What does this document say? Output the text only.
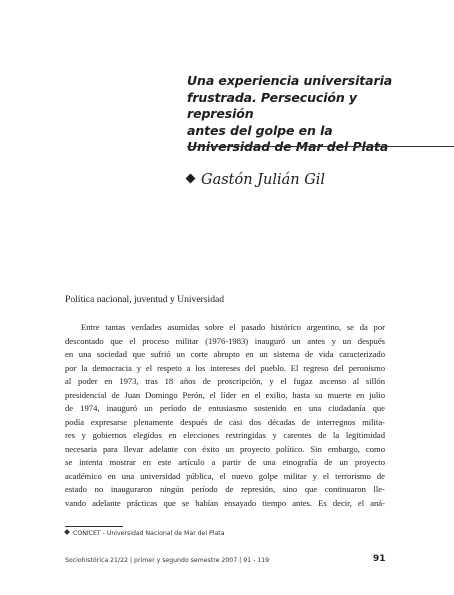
Una experiencia universitaria

frustrada. Persecución y represión

antes del golpe en la

Universidad de Mar del Plata

Gastón Julián Gil
Política nacional, juventud y Universidad
Entre tantas verdades asumidas sobre el pasado histórico argentino, se da por
descontado que el proceso militar (1976-1983) inauguró un antes y un después
en una sociedad que sufrió un corte abrupto en un sistema de vida caracterizado
por la democracia y el respeto a los intereses del pueblo. El regreso del peronismo
al poder en 1973, tras 18 años de proscripción, y el fugaz ascenso al sillón
presidencial de Juan Domingo Perón, el líder en el exilio, hasta su muerte en julio
de 1974, inauguró un período de entusiasmo sostenido en una ciudadanía que
podía expresarse plenamente después de casi dos décadas de interregnos milita-
res y gobiernos elegidos en elecciones restringidas y carentes de la legitimidad
necesaria para llevar adelante con éxito un proyecto político. Sin embargo, como
se intenta mostrar en este artículo a partir de una etnografía de un proyecto
académico en una universidad pública, el nuevo golpe militar y el terrorismo de
estado no inauguraron ningún período de represión, sino que continuaron lle-
vando adelante prácticas que se habían ensayado tiempo antes. Es decir, el aná-
CONICET - Universidad Nacional de Mar del Plata
Sociohistórica 21/22 | primer y segundo semestre 2007 | 91 - 119	91
